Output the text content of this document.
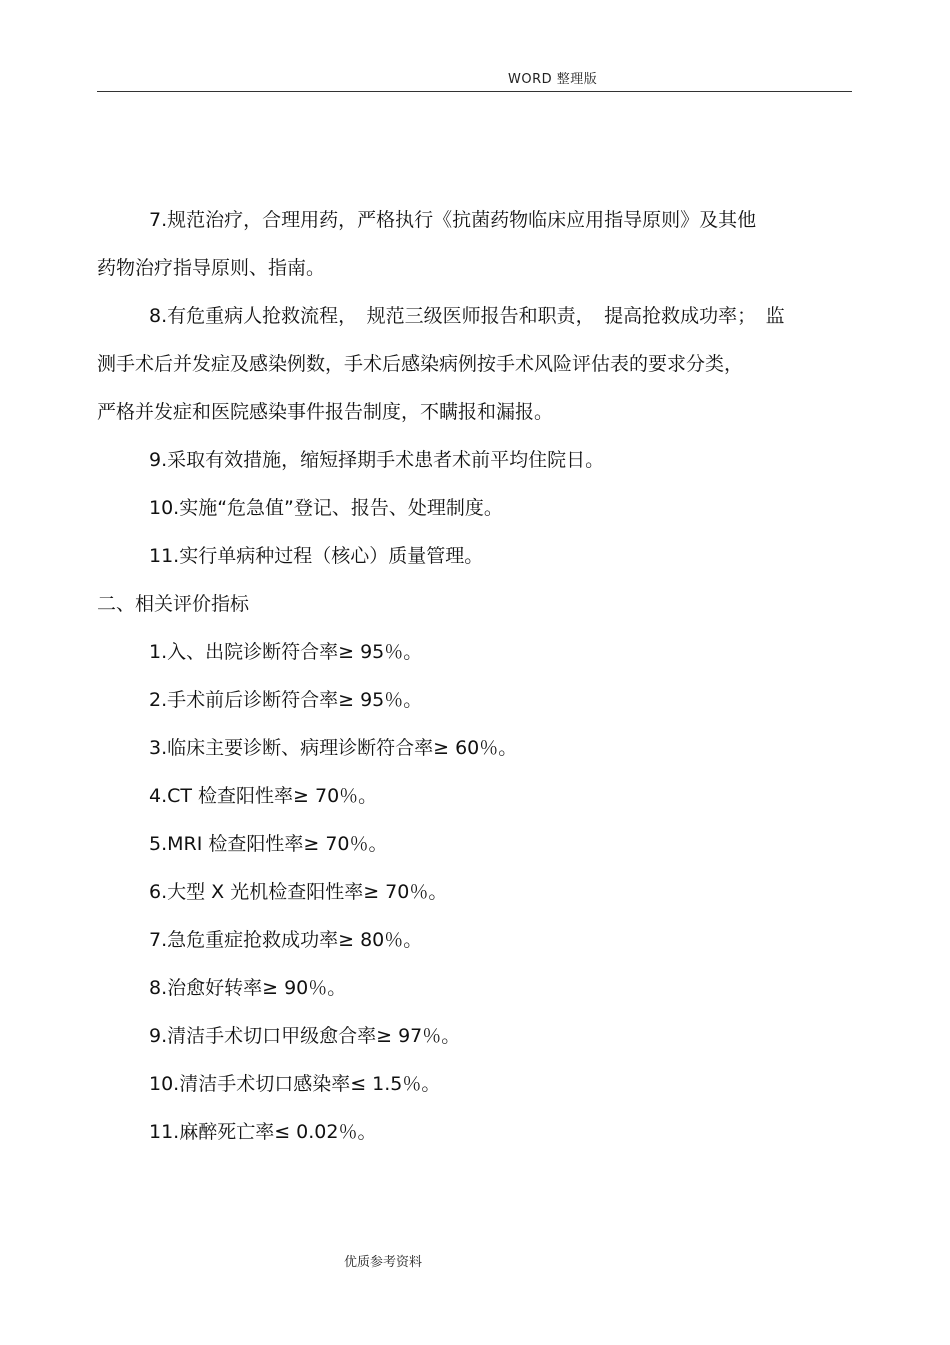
WORD 整理版
7.规范治疗，合理用药，严格执行《抗菌药物临床应用指导原则》及其他
药物治疗指导原则、指南。
8.有危重病人抢救流程，　规范三级医师报告和职责，　提高抢救成功率；　监
测手术后并发症及感染例数，手术后感染病例按手术风险评估表的要求分类，
严格并发症和医院感染事件报告制度，不瞒报和漏报。
9.采取有效措施，缩短择期手术患者术前平均住院日。
10.实施“危急值”登记、报告、处理制度。
11.实行单病种过程（核心）质量管理。
二、相关评价指标
1.入、出院诊断符合率≥ 95％。
2.手术前后诊断符合率≥ 95％。
3.临床主要诊断、病理诊断符合率≥ 60％。
4.CT 检查阳性率≥ 70％。
5.MRI 检查阳性率≥ 70％。
6.大型 X 光机检查阳性率≥ 70％。
7.急危重症抢救成功率≥ 80％。
8.治愈好转率≥ 90％。
9.清洁手术切口甲级愈合率≥ 97％。
10.清洁手术切口感染率≤ 1.5％。
11.麻醉死亡率≤ 0.02％。
优质参考资料
